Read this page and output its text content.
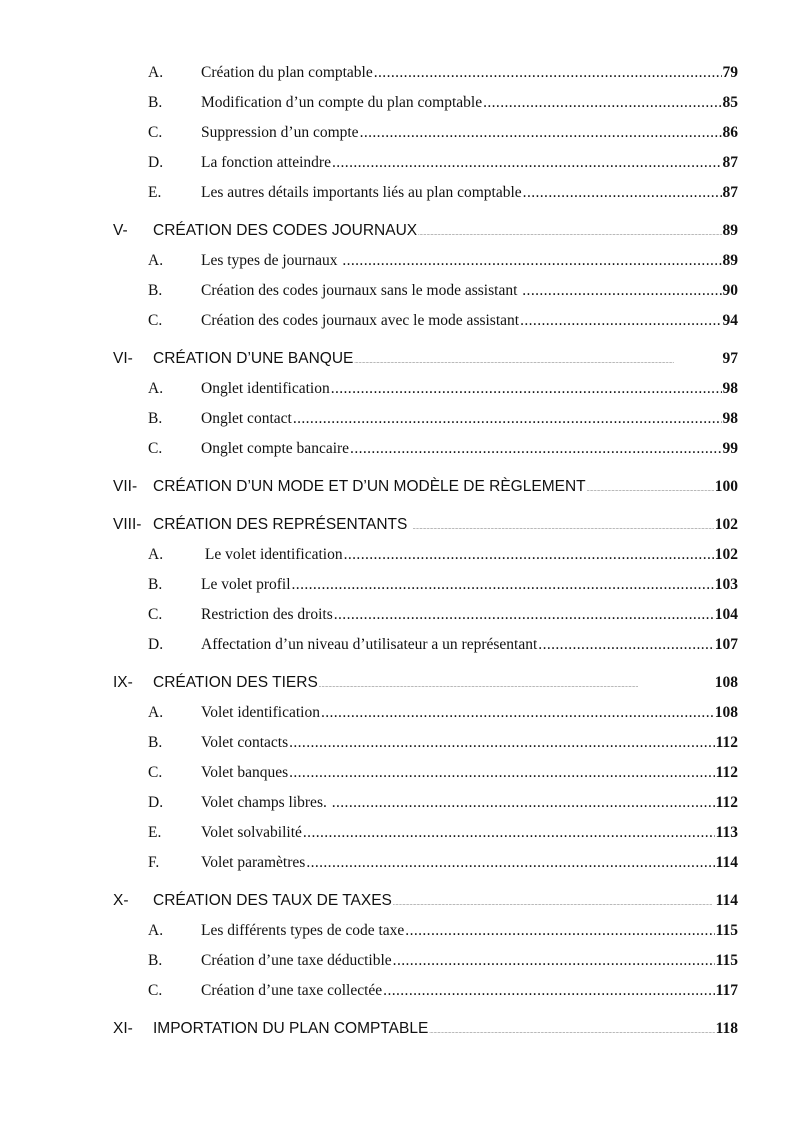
A.	Création du plan comptable .....	79
B.	Modification d’un compte du plan comptable .....	85
C.	Suppression d’un compte .....	86
D.	La fonction atteindre .....	87
E.	Les autres détails importants liés au plan comptable .....	87
V-	CRÉATION DES CODES JOURNAUX .....	89
A.	Les types de journaux .....	89
B.	Création des codes journaux sans le mode assistant .....	90
C.	Création des codes journaux avec le mode assistant .....	94
VI-	CRÉATION D’UNE BANQUE .....	97
A.	Onglet identification .....	98
B.	Onglet contact .....	98
C.	Onglet compte bancaire .....	99
VII-	CRÉATION D’UN MODE ET D’UN MODÈLE DE RÈGLEMENT .....	100
VIII- CRÉATION DES REPRÉSENTANTS .....	102
A.	Le volet identification .....	102
B.	Le volet profil .....	103
C.	Restriction des droits .....	104
D.	Affectation d’un niveau d’utilisateur a un représentant .....	107
IX-	CRÉATION DES TIERS .....	108
A.	Volet identification .....	108
B.	Volet contacts .....	112
C.	Volet banques .....	112
D.	Volet champs libres. .....	112
E.	Volet solvabilité .....	113
F.	Volet paramètres .....	114
X-	CRÉATION DES TAUX DE TAXES .....	114
A.	Les différents types de code taxe .....	115
B.	Création d’une taxe déductible .....	115
C.	Création d’une taxe collectée .....	117
XI-	IMPORTATION DU PLAN COMPTABLE .....	118
